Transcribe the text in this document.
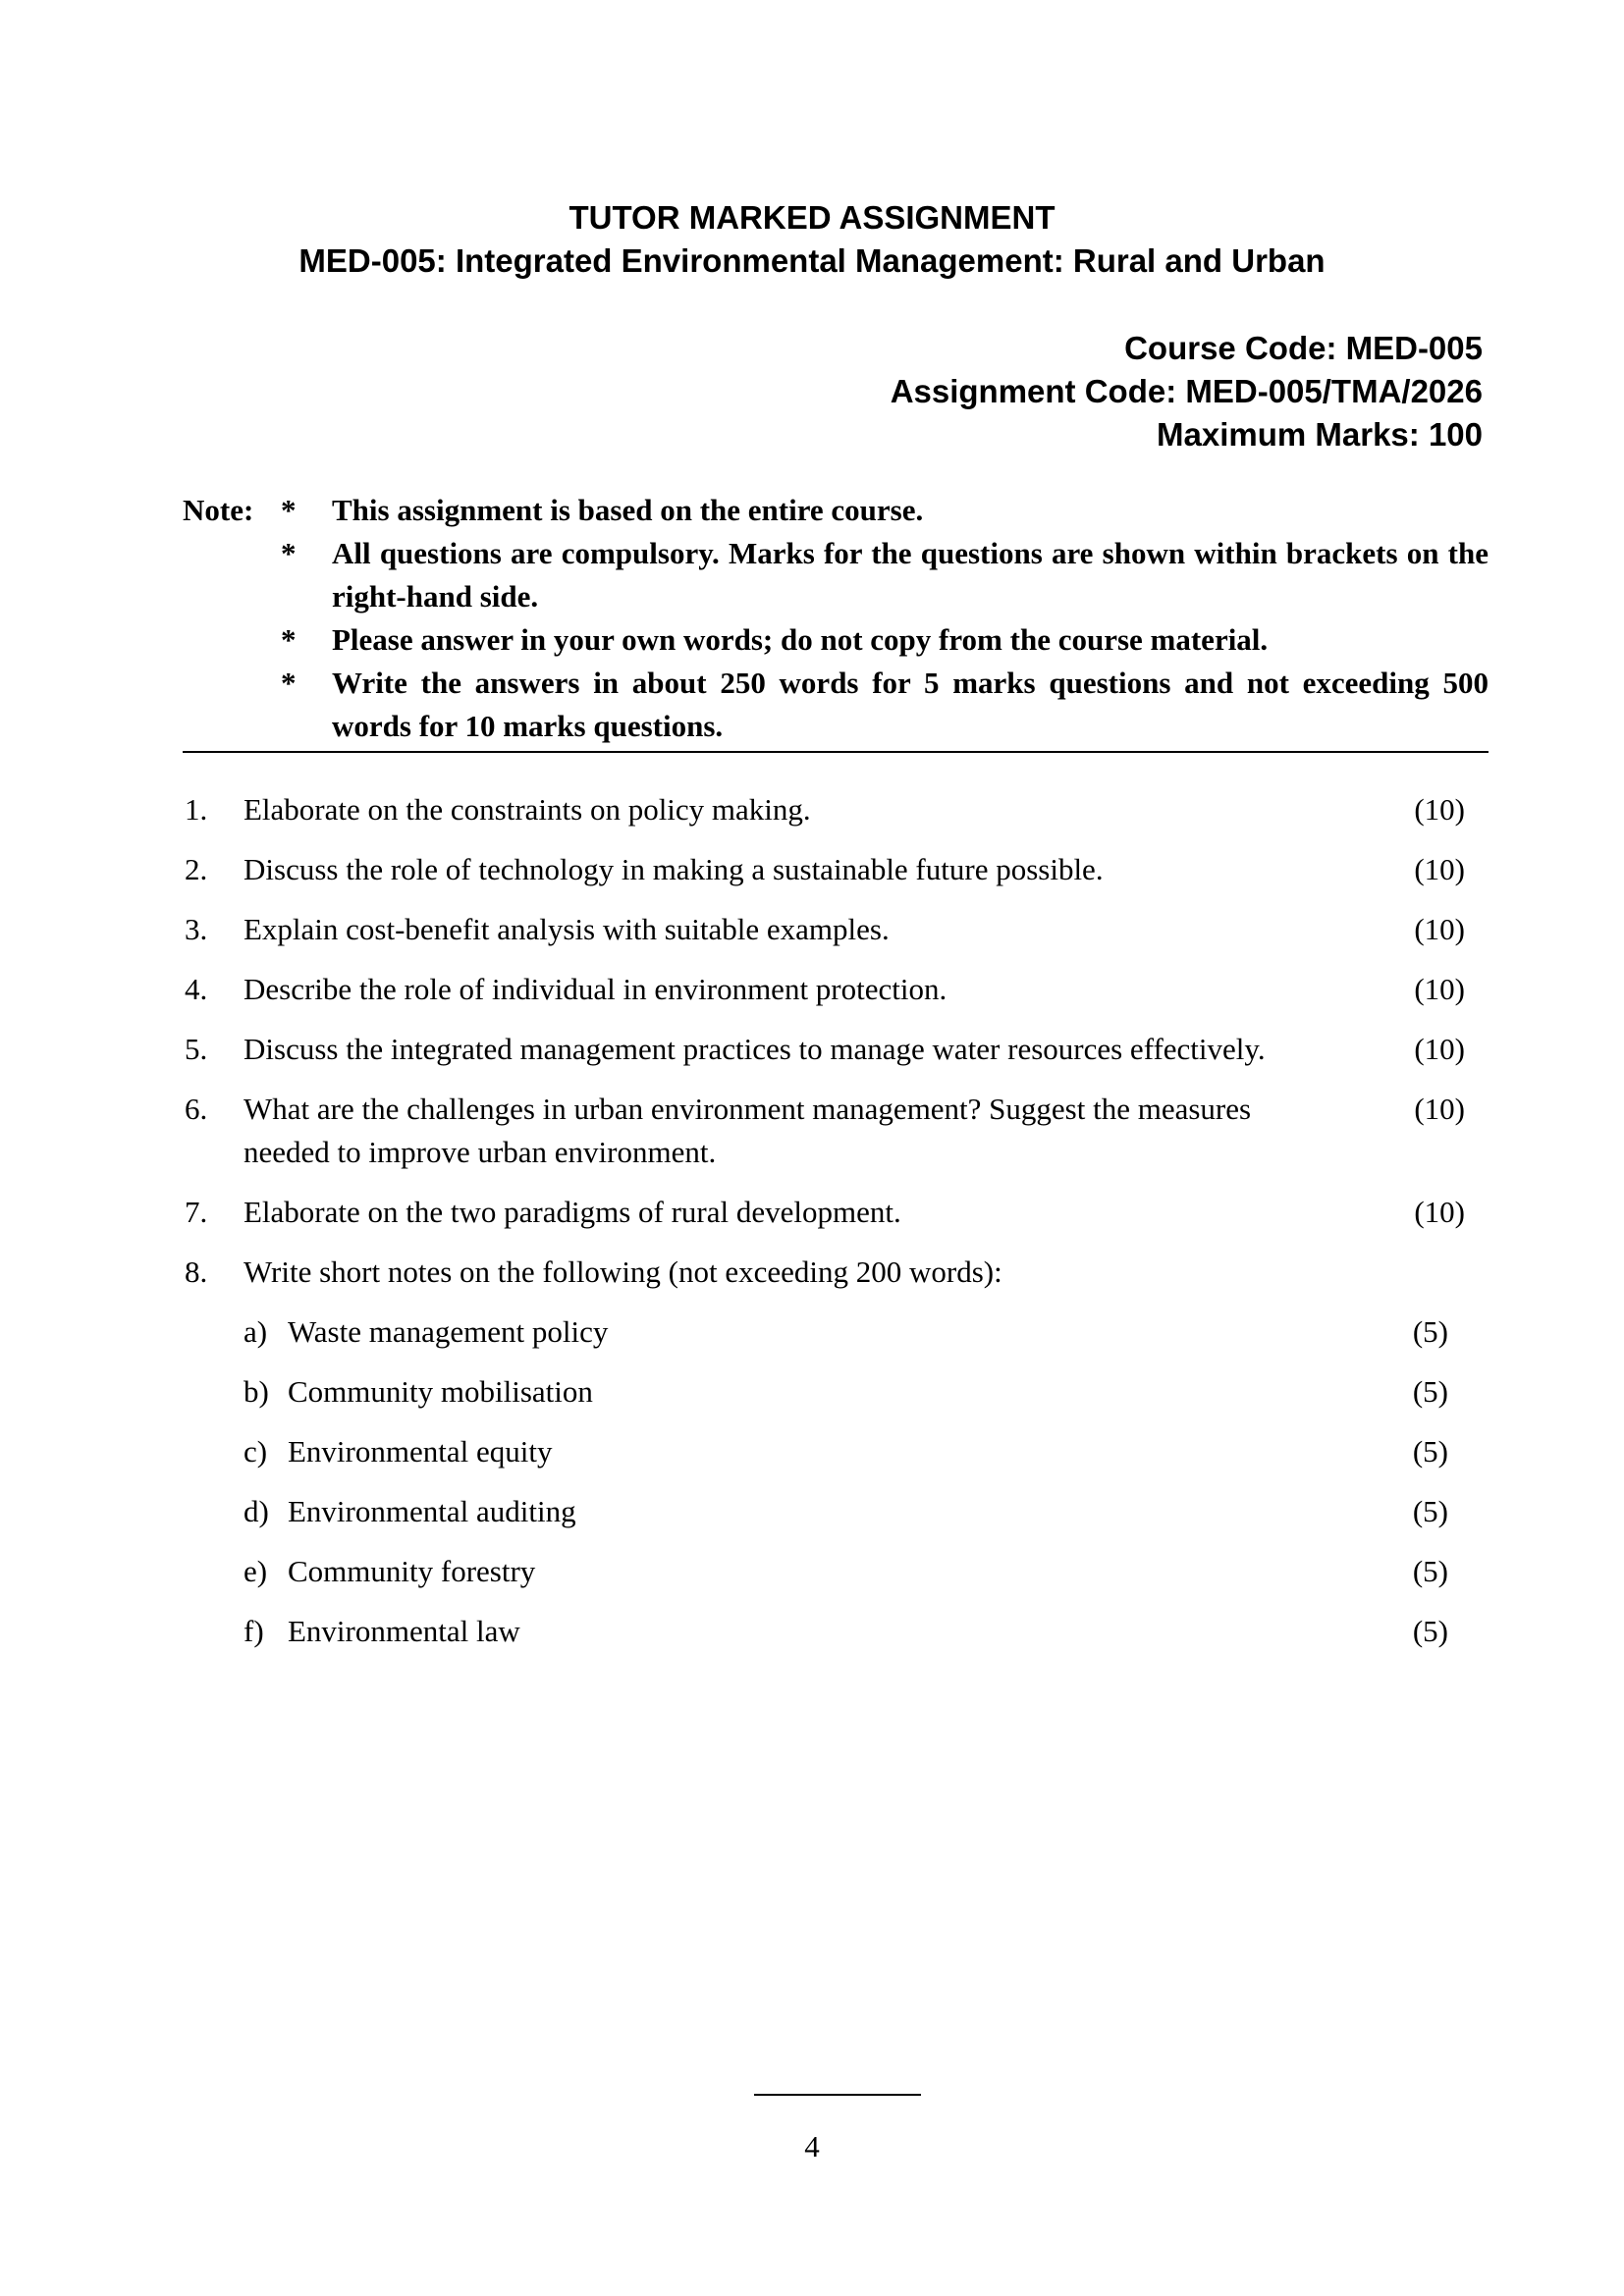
TUTOR MARKED ASSIGNMENT
MED-005: Integrated Environmental Management: Rural and Urban
Course Code: MED-005
Assignment Code: MED-005/TMA/2026
Maximum Marks: 100
Note: * This assignment is based on the entire course.
* All questions are compulsory. Marks for the questions are shown within brackets on the right-hand side.
* Please answer in your own words; do not copy from the course material.
* Write the answers in about 250 words for 5 marks questions and not exceeding 500 words for 10 marks questions.
1. Elaborate on the constraints on policy making.	(10)
2. Discuss the role of technology in making a sustainable future possible.	(10)
3. Explain cost-benefit analysis with suitable examples.	(10)
4. Describe the role of individual in environment protection.	(10)
5. Discuss the integrated management practices to manage water resources effectively.	(10)
6. What are the challenges in urban environment management? Suggest the measures needed to improve urban environment.
(10)
7. Elaborate on the two paradigms of rural development.	(10)
8. Write short notes on the following (not exceeding 200 words):
a) Waste management policy	(5)
b) Community mobilisation	(5)
c) Environmental equity	(5)
d) Environmental auditing	(5)
e) Community forestry	(5)
f) Environmental law	(5)
4
